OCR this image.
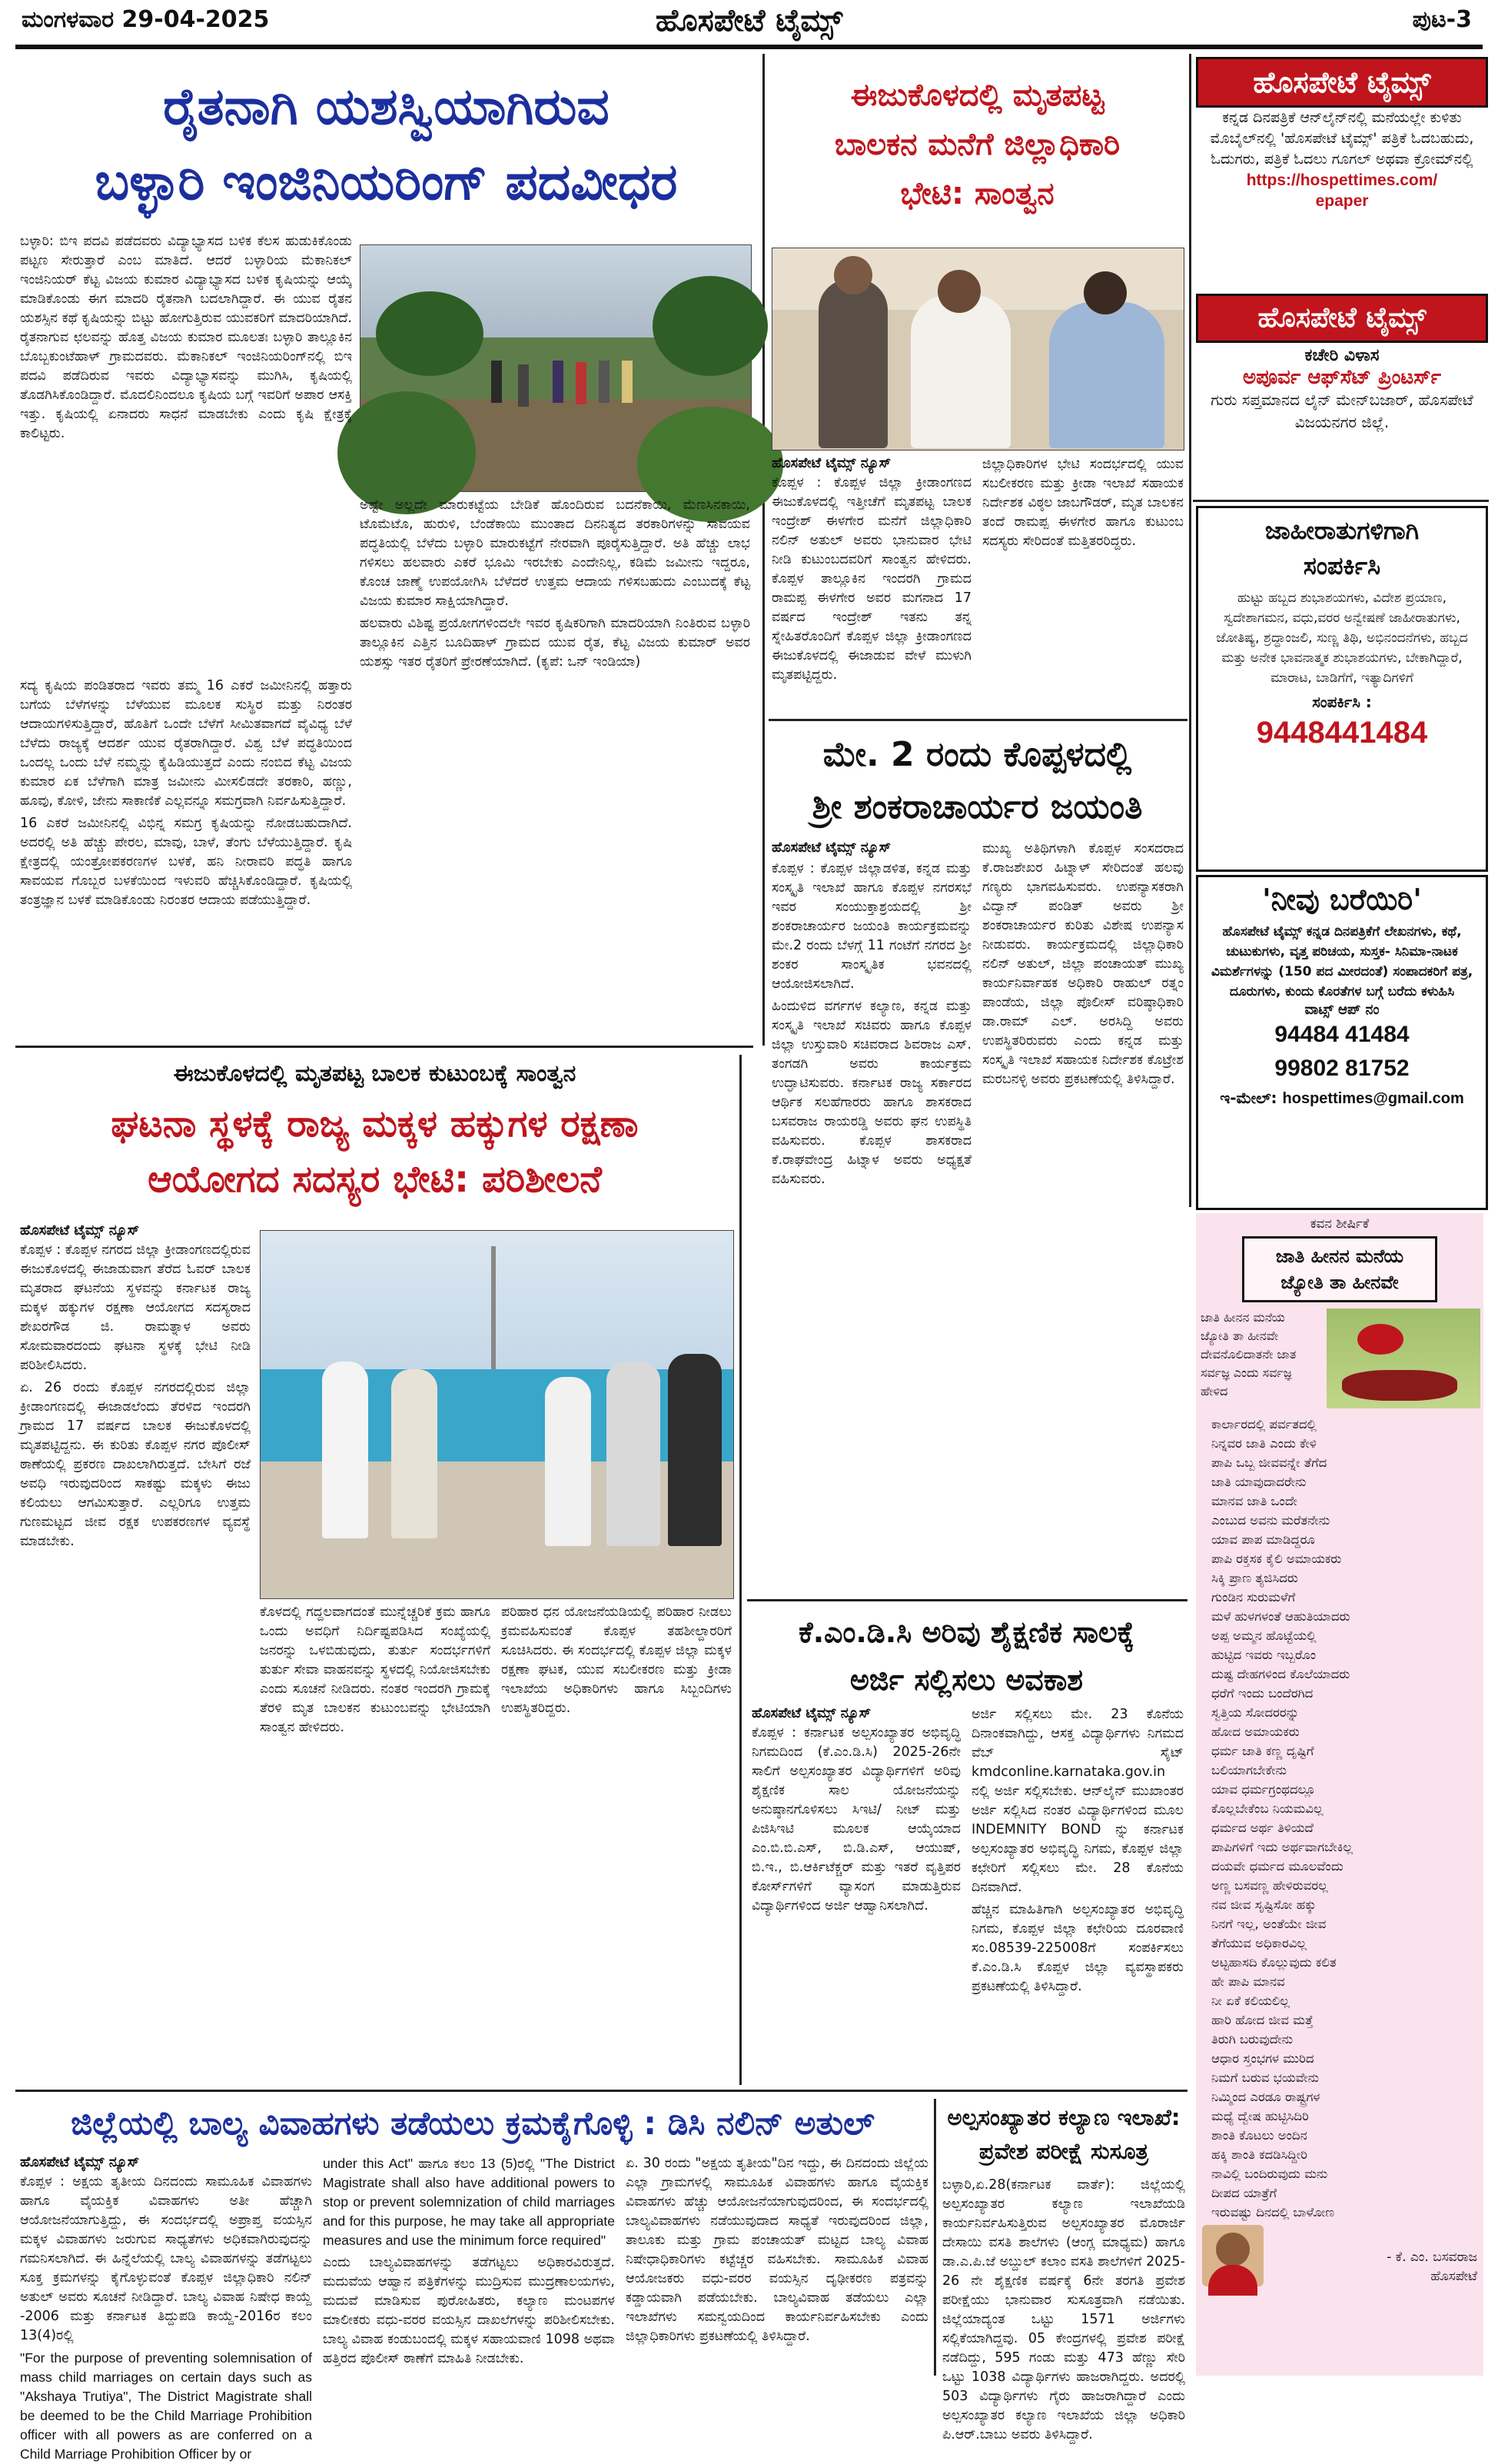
ಮಂಗಳವಾರ 29-04-2025	ಹೊಸಪೇಟೆ ಟೈಮ್ಸ್	ಪುಟ-3
ರೈತನಾಗಿ ಯಶಸ್ವಿಯಾಗಿರುವ
ಬಳ್ಳಾರಿ ಇಂಜಿನಿಯರಿಂಗ್ ಪದವೀಧರ

ಬಳ್ಳಾರಿ: ಬಿಇ ಪದವಿ ಪಡೆದವರು ವಿದ್ಯಾಭ್ಯಾಸದ ಬಳಿಕ ಕೆಲಸ ಹುಡುಕಿಕೊಂಡು ಪಟ್ಟಣ ಸೇರುತ್ತಾರೆ ಎಂಬ ಮಾತಿದೆ. ಆದರೆ ಬಳ್ಳಾರಿಯ ಮೆಕಾನಿಕಲ್ ಇಂಜಿನಿಯರ್ ಕೆಟ್ಟ ವಿಜಯ ಕುಮಾರ ವಿದ್ಯಾಭ್ಯಾಸದ ಬಳಿಕ ಕೃಷಿಯನ್ನು ಆಯ್ಕೆ ಮಾಡಿಕೊಂಡು ಈಗ ಮಾದರಿ ರೈತನಾಗಿ ಬದಲಾಗಿದ್ದಾರೆ. ಈ ಯುವ ರೈತನ ಯಶಸ್ಸಿನ ಕಥೆ ಕೃಷಿಯನ್ನು ಬಿಟ್ಟು ಹೋಗುತ್ತಿರುವ ಯುವಕರಿಗೆ ಮಾದರಿಯಾಗಿದೆ. ರೈತನಾಗುವ ಛಲವನ್ನು ಹೊತ್ತ ವಿಜಯ ಕುಮಾರ ಮೂಲತಃ ಬಳ್ಳಾರಿ ತಾಲ್ಲೂಕಿನ ಬೊಬ್ಬಕುಂಟೆಹಾಳ್ ಗ್ರಾಮದವರು. ಮೆಕಾನಿಕಲ್ ಇಂಜಿನಿಯರಿಂಗ್‌ನಲ್ಲಿ ಬಿಇ ಪದವಿ ಪಡೆದಿರುವ ಇವರು ವಿದ್ಯಾಭ್ಯಾಸವನ್ನು ಮುಗಿಸಿ, ಕೃಷಿಯಲ್ಲಿ ತೊಡಗಿಸಿಕೊಂಡಿದ್ದಾರೆ. ಮೊದಲಿನಿಂದಲೂ ಕೃಷಿಯ ಬಗ್ಗೆ ಇವರಿಗೆ ಅಪಾರ ಆಸಕ್ತಿ ಇತ್ತು. ಕೃಷಿಯಲ್ಲಿ ಏನಾದರು ಸಾಧನೆ ಮಾಡಬೇಕು ಎಂದು ಕೃಷಿ ಕ್ಷೇತ್ರಕ್ಕೆ ಕಾಲಿಟ್ಟರು.

ಸದ್ಯ ಕೃಷಿಯ ಪಂಡಿತರಾದ ಇವರು ತಮ್ಮ 16 ಎಕರೆ ಜಮೀನಿನಲ್ಲಿ ಹತ್ತಾರು ಬಗೆಯ ಬೆಳೆಗಳನ್ನು ಬೆಳೆಯುವ ಮೂಲಕ ಸುಸ್ಥಿರ ಮತ್ತು ನಿರಂತರ ಆದಾಯಗಳಿಸುತ್ತಿದ್ದಾರೆ, ಹೊತಿಗೆ ಒಂದೇ ಬೆಳೆಗೆ ಸೀಮಿತವಾಗದೆ ವೈವಿಧ್ಯ ಬೆಳೆ ಬೆಳೆದು ರಾಜ್ಯಕ್ಕೆ ಆದರ್ಶ ಯುವ ರೈತರಾಗಿದ್ದಾರೆ. ವಿಶ್ವ ಬೆಳೆ ಪದ್ಧತಿಯಿಂದ ಒಂದಲ್ಲ ಒಂದು ಬೆಳೆ ನಮ್ಮನ್ನು ಕೈಹಿಡಿಯುತ್ತದೆ ಎಂದು ನಂಬಿದ ಕೆಟ್ಟ ವಿಜಯ ಕುಮಾರ ಏಕ ಬೆಳೆಗಾಗಿ ಮಾತ್ರ ಜಮೀನು ಮೀಸಲಿಡದೇ ತರಕಾರಿ, ಹಣ್ಣು, ಹೂವು, ಕೋಳಿ, ಜೇನು ಸಾಕಾಣಿಕೆ ಎಲ್ಲವನ್ನೂ ಸಮಗ್ರವಾಗಿ ನಿರ್ವಹಿಸುತ್ತಿದ್ದಾರೆ.

16 ಎಕರೆ ಜಮೀನಿನಲ್ಲಿ ವಿಭಿನ್ನ ಸಮಗ್ರ ಕೃಷಿಯನ್ನು ನೋಡಬಹುದಾಗಿದೆ. ಅದರಲ್ಲಿ ಅತಿ ಹೆಚ್ಚು ಪೇರಲ, ಮಾವು, ಬಾಳೆ, ತೆಂಗು ಬೆಳೆಯುತ್ತಿದ್ದಾರೆ. ಕೃಷಿ ಕ್ಷೇತ್ರದಲ್ಲಿ ಯಂತ್ರೋಪಕರಣಗಳ ಬಳಕೆ, ಹನಿ ನೀರಾವರಿ ಪದ್ಧತಿ ಹಾಗೂ ಸಾವಯವ ಗೊಬ್ಬರ ಬಳಕೆಯಿಂದ ಇಳುವರಿ ಹೆಚ್ಚಿಸಿಕೊಂಡಿದ್ದಾರೆ. ಕೃಷಿಯಲ್ಲಿ ತಂತ್ರಜ್ಞಾನ ಬಳಕೆ ಮಾಡಿಕೊಂಡು ನಿರಂತರ ಆದಾಯ ಪಡೆಯುತ್ತಿದ್ದಾರೆ.

ಅಷ್ಟೇ ಅಲ್ಲದೇ ಮಾರುಕಟ್ಟೆಯ ಬೇಡಿಕೆ ಹೊಂದಿರುವ ಬದನೆಕಾಯಿ, ಮೆಣಸಿನಕಾಯಿ, ಟೊಮೆಟೊ, ಹುರುಳಿ, ಬೆಂಡೆಕಾಯಿ ಮುಂತಾದ ದಿನನಿತ್ಯದ ತರಕಾರಿಗಳನ್ನು ಸಾವಯವ ಪದ್ಧತಿಯಲ್ಲಿ ಬೆಳೆದು ಬಳ್ಳಾರಿ ಮಾರುಕಟ್ಟೆಗೆ ನೇರವಾಗಿ ಪೂರೈಸುತ್ತಿದ್ದಾರೆ. ಅತಿ ಹೆಚ್ಚು ಲಾಭ ಗಳಿಸಲು ಹಲವಾರು ಎಕರೆ ಭೂಮಿ ಇರಬೇಕು ಎಂದೇನಿಲ್ಲ, ಕಡಿಮೆ ಜಮೀನು ಇದ್ದರೂ, ಕೊಂಚ ಜಾಣ್ಮೆ ಉಪಯೋಗಿಸಿ ಬೆಳೆದರೆ ಉತ್ತಮ ಆದಾಯ ಗಳಿಸಬಹುದು ಎಂಬುದಕ್ಕೆ ಕೆಟ್ಟ ವಿಜಯ ಕುಮಾರ ಸಾಕ್ಷಿಯಾಗಿದ್ದಾರೆ.

ಹಲವಾರು ವಿಶಿಷ್ಟ ಪ್ರಯೋಗಗಳಿಂದಲೇ ಇವರ ಕೃಷಿಕರಿಗಾಗಿ ಮಾದರಿಯಾಗಿ ನಿಂತಿರುವ ಬಳ್ಳಾರಿ ತಾಲ್ಲೂಕಿನ ಎತ್ತಿನ ಬೂದಿಹಾಳ್ ಗ್ರಾಮದ ಯುವ ರೈತ, ಕೆಟ್ಟ ವಿಜಯ ಕುಮಾರ್ ಅವರ ಯಶಸ್ಸು ಇತರ ರೈತರಿಗೆ ಪ್ರೇರಣೆಯಾಗಿದೆ. (ಕೃಪೆ: ಒನ್ ಇಂಡಿಯಾ)

ಈಜುಕೊಳದಲ್ಲಿ ಮೃತಪಟ್ಟ
ಬಾಲಕನ ಮನೆಗೆ ಜಿಲ್ಲಾಧಿಕಾರಿ
ಭೇಟಿ: ಸಾಂತ್ವನ
ಹೊಸಪೇಟೆ ಟೈಮ್ಸ್ ನ್ಯೂಸ್

ಕೊಪ್ಪಳ : ಕೊಪ್ಪಳ ಜಿಲ್ಲಾ ಕ್ರೀಡಾಂಗಣದ ಈಜುಕೊಳದಲ್ಲಿ ಇತ್ತೀಚೆಗೆ ಮೃತಪಟ್ಟ ಬಾಲಕ ಇಂದ್ರೇಶ್ ಈಳಗೇರ ಮನೆಗೆ ಜಿಲ್ಲಾಧಿಕಾರಿ ನಲಿನ್ ಅತುಲ್ ಅವರು ಭಾನುವಾರ ಭೇಟಿ ನೀಡಿ ಕುಟುಂಬದವರಿಗೆ ಸಾಂತ್ವನ ಹೇಳಿದರು. ಕೊಪ್ಪಳ ತಾಲ್ಲೂಕಿನ ಇಂದರಗಿ ಗ್ರಾಮದ ರಾಮಪ್ಪ ಈಳಗೇರ ಅವರ ಮಗನಾದ 17 ವರ್ಷದ ಇಂದ್ರೇಶ್ ಇತನು ತನ್ನ ಸ್ನೇಹಿತರೊಂದಿಗೆ ಕೊಪ್ಪಳ ಜಿಲ್ಲಾ ಕ್ರೀಡಾಂಗಣದ ಈಜುಕೊಳದಲ್ಲಿ ಈಜಾಡುವ ವೇಳೆ ಮುಳುಗಿ ಮೃತಪಟ್ಟಿದ್ದರು.

ಜಿಲ್ಲಾಧಿಕಾರಿಗಳ ಭೇಟಿ ಸಂದರ್ಭದಲ್ಲಿ ಯುವ ಸಬಲೀಕರಣ ಮತ್ತು ಕ್ರೀಡಾ ಇಲಾಖೆ ಸಹಾಯಕ ನಿರ್ದೇಶಕ ವಿಠ್ಠಲ ಜಾಬಗೌಡರ್, ಮೃತ ಬಾಲಕನ ತಂದೆ ರಾಮಪ್ಪ ಈಳಗೇರ ಹಾಗೂ ಕುಟುಂಬ ಸದಸ್ಯರು ಸೇರಿದಂತೆ ಮತ್ತಿತರರಿದ್ದರು.

ಮೇ. 2 ರಂದು ಕೊಪ್ಪಳದಲ್ಲಿ
ಶ್ರೀ ಶಂಕರಾಚಾರ್ಯರ ಜಯಂತಿ
ಹೊಸಪೇಟೆ ಟೈಮ್ಸ್ ನ್ಯೂಸ್

ಕೊಪ್ಪಳ : ಕೊಪ್ಪಳ ಜಿಲ್ಲಾಡಳಿತ, ಕನ್ನಡ ಮತ್ತು ಸಂಸ್ಕೃತಿ ಇಲಾಖೆ ಹಾಗೂ ಕೊಪ್ಪಳ ನಗರಸಭೆ ಇವರ ಸಂಯುಕ್ತಾಶ್ರಯದಲ್ಲಿ ಶ್ರೀ ಶಂಕರಾಚಾರ್ಯರ ಜಯಂತಿ ಕಾರ್ಯಕ್ರಮವನ್ನು ಮೇ.2 ರಂದು ಬೆಳಗ್ಗೆ 11 ಗಂಟೆಗೆ ನಗರದ ಶ್ರೀ ಶಂಕರ ಸಾಂಸ್ಕೃತಿಕ ಭವನದಲ್ಲಿ ಆಯೋಜಿಸಲಾಗಿದೆ.

ಹಿಂದುಳಿದ ವರ್ಗಗಳ ಕಲ್ಯಾಣ, ಕನ್ನಡ ಮತ್ತು ಸಂಸ್ಕೃತಿ ಇಲಾಖೆ ಸಚಿವರು ಹಾಗೂ ಕೊಪ್ಪಳ ಜಿಲ್ಲಾ ಉಸ್ತುವಾರಿ ಸಚಿವರಾದ ಶಿವರಾಜ ಎಸ್. ತಂಗಡಗಿ ಅವರು ಕಾರ್ಯಕ್ರಮ ಉದ್ಘಾಟಿಸುವರು. ಕರ್ನಾಟಕ ರಾಜ್ಯ ಸರ್ಕಾರದ ಆರ್ಥಿಕ ಸಲಹೆಗಾರರು ಹಾಗೂ ಶಾಸಕರಾದ ಬಸವರಾಜ ರಾಯರಡ್ಡಿ ಅವರು ಘನ ಉಪಸ್ಥಿತಿ ವಹಿಸುವರು. ಕೊಪ್ಪಳ ಶಾಸಕರಾದ ಕೆ.ರಾಘವೇಂದ್ರ ಹಿಟ್ನಾಳ ಅವರು ಅಧ್ಯಕ್ಷತೆ ವಹಿಸುವರು.

ಮುಖ್ಯ ಅತಿಥಿಗಳಾಗಿ ಕೊಪ್ಪಳ ಸಂಸದರಾದ ಕೆ.ರಾಜಶೇಖರ ಹಿಟ್ನಾಳ್ ಸೇರಿದಂತೆ ಹಲವು ಗಣ್ಯರು ಭಾಗವಹಿಸುವರು. ಉಪನ್ಯಾಸಕರಾಗಿ ವಿದ್ವಾನ್ ಪಂಡಿತ್ ಅವರು ಶ್ರೀ ಶಂಕರಾಚಾರ್ಯರ ಕುರಿತು ವಿಶೇಷ ಉಪನ್ಯಾಸ ನೀಡುವರು. ಕಾರ್ಯಕ್ರಮದಲ್ಲಿ ಜಿಲ್ಲಾಧಿಕಾರಿ ನಲಿನ್ ಅತುಲ್, ಜಿಲ್ಲಾ ಪಂಚಾಯತ್ ಮುಖ್ಯ ಕಾರ್ಯನಿರ್ವಾಹಕ ಅಧಿಕಾರಿ ರಾಹುಲ್ ರತ್ನಂ ಪಾಂಡೆಯ, ಜಿಲ್ಲಾ ಪೊಲೀಸ್ ವರಿಷ್ಠಾಧಿಕಾರಿ ಡಾ.ರಾಮ್ ಎಲ್. ಅರಸಿದ್ದಿ ಅವರು ಉಪಸ್ಥಿತರಿರುವರು ಎಂದು ಕನ್ನಡ ಮತ್ತು ಸಂಸ್ಕೃತಿ ಇಲಾಖೆ ಸಹಾಯಕ ನಿರ್ದೇಶಕ ಕೊಟ್ರೇಶ ಮರಬನಳ್ಳಿ ಅವರು ಪ್ರಕಟಣೆಯಲ್ಲಿ ತಿಳಿಸಿದ್ದಾರೆ.

ಈಜುಕೊಳದಲ್ಲಿ ಮೃತಪಟ್ಟ ಬಾಲಕ ಕುಟುಂಬಕ್ಕೆ ಸಾಂತ್ವನ
ಘಟನಾ ಸ್ಥಳಕ್ಕೆ ರಾಜ್ಯ ಮಕ್ಕಳ ಹಕ್ಕುಗಳ ರಕ್ಷಣಾ
ಆಯೋಗದ ಸದಸ್ಯರ ಭೇಟಿ: ಪರಿಶೀಲನೆ
ಹೊಸಪೇಟೆ ಟೈಮ್ಸ್ ನ್ಯೂಸ್

ಕೊಪ್ಪಳ : ಕೊಪ್ಪಳ ನಗರದ ಜಿಲ್ಲಾ ಕ್ರೀಡಾಂಗಣದಲ್ಲಿರುವ ಈಜುಕೊಳದಲ್ಲಿ ಈಜಾಡುವಾಗ ತೆರೆದ ಓವರ್ ಬಾಲಕ ಮೃತರಾದ ಘಟನೆಯ ಸ್ಥಳವನ್ನು ಕರ್ನಾಟಕ ರಾಜ್ಯ ಮಕ್ಕಳ ಹಕ್ಕುಗಳ ರಕ್ಷಣಾ ಆಯೋಗದ ಸದಸ್ಯರಾದ ಶೇಖರಗೌಡ ಜಿ. ರಾಮತ್ನಾಳ ಅವರು ಸೋಮವಾರದಂದು ಘಟನಾ ಸ್ಥಳಕ್ಕೆ ಭೇಟಿ ನೀಡಿ ಪರಿಶೀಲಿಸಿದರು.

ಏ. 26 ರಂದು ಕೊಪ್ಪಳ ನಗರದಲ್ಲಿರುವ ಜಿಲ್ಲಾ ಕ್ರೀಡಾಂಗಣದಲ್ಲಿ ಈಜಾಡಲೆಂದು ತೆರಳಿದ ಇಂದರಗಿ ಗ್ರಾಮದ 17 ವರ್ಷದ ಬಾಲಕ ಈಜುಕೊಳದಲ್ಲಿ ಮೃತಪಟ್ಟಿದ್ದನು. ಈ ಕುರಿತು ಕೊಪ್ಪಳ ನಗರ ಪೊಲೀಸ್ ಠಾಣೆಯಲ್ಲಿ ಪ್ರಕರಣ ದಾಖಲಾಗಿರುತ್ತದೆ. ಬೇಸಿಗೆ ರಜೆ ಅವಧಿ ಇರುವುದರಿಂದ ಸಾಕಷ್ಟು ಮಕ್ಕಳು ಈಜು ಕಲಿಯಲು ಆಗಮಿಸುತ್ತಾರೆ. ಎಲ್ಲರಿಗೂ ಉತ್ತಮ ಗುಣಮಟ್ಟದ ಜೀವ ರಕ್ಷಕ ಉಪಕರಣಗಳ ವ್ಯವಸ್ಥೆ ಮಾಡಬೇಕು.

ಕೊಳದಲ್ಲಿ ಗದ್ದಲವಾಗದಂತೆ ಮುನ್ನೆಚ್ಚರಿಕೆ ಕ್ರಮ ಹಾಗೂ ಒಂದು ಅವಧಿಗೆ ನಿರ್ದಿಷ್ಟಪಡಿಸಿದ ಸಂಖ್ಯೆಯಲ್ಲಿ ಜನರನ್ನು ಒಳಬಿಡುವುದು, ತುರ್ತು ಸಂದರ್ಭಗಳಿಗೆ ತುರ್ತು ಸೇವಾ ವಾಹನವನ್ನು ಸ್ಥಳದಲ್ಲಿ ನಿಯೋಜಿಸಬೇಕು ಎಂದು ಸೂಚನೆ ನೀಡಿದರು. ನಂತರ ಇಂದರಗಿ ಗ್ರಾಮಕ್ಕೆ ತೆರಳಿ ಮೃತ ಬಾಲಕನ ಕುಟುಂಬವನ್ನು ಭೇಟಿಯಾಗಿ ಸಾಂತ್ವನ ಹೇಳಿದರು.

ಪರಿಹಾರ ಧನ ಯೋಜನೆಯಡಿಯಲ್ಲಿ ಪರಿಹಾರ ನೀಡಲು ಕ್ರಮವಹಿಸುವಂತೆ ಕೊಪ್ಪಳ ತಹಶೀಲ್ದಾರರಿಗೆ ಸೂಚಿಸಿದರು. ಈ ಸಂದರ್ಭದಲ್ಲಿ ಕೊಪ್ಪಳ ಜಿಲ್ಲಾ ಮಕ್ಕಳ ರಕ್ಷಣಾ ಘಟಕ, ಯುವ ಸಬಲೀಕರಣ ಮತ್ತು ಕ್ರೀಡಾ ಇಲಾಖೆಯ ಅಧಿಕಾರಿಗಳು ಹಾಗೂ ಸಿಬ್ಬಂದಿಗಳು ಉಪಸ್ಥಿತರಿದ್ದರು.

ಕೆ.ಎಂ.ಡಿ.ಸಿ ಅರಿವು ಶೈಕ್ಷಣಿಕ ಸಾಲಕ್ಕೆ
ಅರ್ಜಿ ಸಲ್ಲಿಸಲು ಅವಕಾಶ
ಹೊಸಪೇಟೆ ಟೈಮ್ಸ್ ನ್ಯೂಸ್

ಕೊಪ್ಪಳ : ಕರ್ನಾಟಕ ಅಲ್ಪಸಂಖ್ಯಾತರ ಅಭಿವೃದ್ಧಿ ನಿಗಮದಿಂದ (ಕೆ.ಎಂ.ಡಿ.ಸಿ) 2025-26ನೇ ಸಾಲಿಗೆ ಅಲ್ಪಸಂಖ್ಯಾತರ ವಿದ್ಯಾರ್ಥಿಗಳಿಗೆ ಅರಿವು ಶೈಕ್ಷಣಿಕ ಸಾಲ ಯೋಜನೆಯನ್ನು ಅನುಷ್ಠಾನಗೊಳಿಸಲು ಸಿಇಟಿ/ ನೀಟ್ ಮತ್ತು ಪಿಜಿಸಿಇಟಿ ಮೂಲಕ ಆಯ್ಕೆಯಾದ ಎಂ.ಬಿ.ಬಿ.ಎಸ್, ಬಿ.ಡಿ.ಎಸ್, ಆಯುಷ್, ಬಿ.ಇ., ಬಿ.ಆರ್ಕಿಟೆಕ್ಚರ್ ಮತ್ತು ಇತರೆ ವೃತ್ತಿಪರ ಕೋರ್ಸ್‌ಗಳಿಗೆ ವ್ಯಾಸಂಗ ಮಾಡುತ್ತಿರುವ ವಿದ್ಯಾರ್ಥಿಗಳಿಂದ ಅರ್ಜಿ ಆಹ್ವಾನಿಸಲಾಗಿದೆ.

ಅರ್ಜಿ ಸಲ್ಲಿಸಲು ಮೇ. 23 ಕೊನೆಯ ದಿನಾಂಕವಾಗಿದ್ದು, ಆಸಕ್ತ ವಿದ್ಯಾರ್ಥಿಗಳು ನಿಗಮದ ವೆಬ್ ಸೈಟ್ kmdconline.karnataka.gov.in ನಲ್ಲಿ ಅರ್ಜಿ ಸಲ್ಲಿಸಬೇಕು. ಆನ್‌ಲೈನ್ ಮುಖಾಂತರ ಅರ್ಜಿ ಸಲ್ಲಿಸಿದ ನಂತರ ವಿದ್ಯಾರ್ಥಿಗಳಿಂದ ಮೂಲ INDEMNITY BOND ನ್ನು ಕರ್ನಾಟಕ ಅಲ್ಪಸಂಖ್ಯಾತರ ಅಭಿವೃದ್ಧಿ ನಿಗಮ, ಕೊಪ್ಪಳ ಜಿಲ್ಲಾ ಕಛೇರಿಗೆ ಸಲ್ಲಿಸಲು ಮೇ. 28 ಕೊನೆಯ ದಿನವಾಗಿದೆ.

ಹೆಚ್ಚಿನ ಮಾಹಿತಿಗಾಗಿ ಅಲ್ಪಸಂಖ್ಯಾತರ ಅಭಿವೃದ್ಧಿ ನಿಗಮ, ಕೊಪ್ಪಳ ಜಿಲ್ಲಾ ಕಛೇರಿಯ ದೂರವಾಣಿ ಸಂ.08539-225008ಗೆ ಸಂಪರ್ಕಿಸಲು ಕೆ.ಎಂ.ಡಿ.ಸಿ ಕೊಪ್ಪಳ ಜಿಲ್ಲಾ ವ್ಯವಸ್ಥಾಪಕರು ಪ್ರಕಟಣೆಯಲ್ಲಿ ತಿಳಿಸಿದ್ದಾರೆ.

ಜಿಲ್ಲೆಯಲ್ಲಿ ಬಾಲ್ಯ ವಿವಾಹಗಳು ತಡೆಯಲು ಕ್ರಮಕೈಗೊಳ್ಳಿ : ಡಿಸಿ ನಲಿನ್ ಅತುಲ್
ಹೊಸಪೇಟೆ ಟೈಮ್ಸ್ ನ್ಯೂಸ್

ಕೊಪ್ಪಳ : ಅಕ್ಷಯ ತೃತೀಯ ದಿನದಂದು ಸಾಮೂಹಿಕ ವಿವಾಹಗಳು ಹಾಗೂ ವೈಯಕ್ತಿಕ ವಿವಾಹಗಳು ಅತೀ ಹೆಚ್ಚಾಗಿ ಆಯೋಜನೆಯಾಗುತ್ತಿದ್ದು, ಈ ಸಂದರ್ಭದಲ್ಲಿ ಅಪ್ರಾಪ್ತ ವಯಸ್ಸಿನ ಮಕ್ಕಳ ವಿವಾಹಗಳು ಜರುಗುವ ಸಾಧ್ಯತೆಗಳು ಅಧಿಕವಾಗಿರುವುದನ್ನು ಗಮನಿಸಲಾಗಿದೆ. ಈ ಹಿನ್ನೆಲೆಯಲ್ಲಿ ಬಾಲ್ಯ ವಿವಾಹಗಳನ್ನು ತಡೆಗಟ್ಟಲು ಸೂಕ್ತ ಕ್ರಮಗಳನ್ನು ಕೈಗೊಳ್ಳುವಂತೆ ಕೊಪ್ಪಳ ಜಿಲ್ಲಾಧಿಕಾರಿ ನಲಿನ್ ಅತುಲ್ ಅವರು ಸೂಚನೆ ನೀಡಿದ್ದಾರೆ. ಬಾಲ್ಯ ವಿವಾಹ ನಿಷೇಧ ಕಾಯ್ದೆ -2006 ಮತ್ತು ಕರ್ನಾಟಕ ತಿದ್ದುಪಡಿ ಕಾಯ್ದೆ-2016ರ ಕಲಂ 13(4)ರಲ್ಲಿ

"For the purpose of preventing solemnisation of mass child marriages on certain days such as "Akshaya Trutiya", The District Magistrate shall be deemed to be the Child Marriage Prohibition officer with all powers as are conferred on a Child Marriage Prohibition Officer by or

under this Act" ಹಾಗೂ ಕಲಂ 13 (5)ರಲ್ಲಿ "The District Magistrate shall also have additional powers to stop or prevent solemnization of child marriages and for this purpose, he may take all appropriate measures and use the minimum force required"

ಎಂದು ಬಾಲ್ಯವಿವಾಹಗಳನ್ನು ತಡೆಗಟ್ಟಲು ಅಧಿಕಾರವಿರುತ್ತದೆ. ಮದುವೆಯ ಆಹ್ವಾನ ಪತ್ರಿಕೆಗಳನ್ನು ಮುದ್ರಿಸುವ ಮುದ್ರಣಾಲಯಗಳು, ಮದುವೆ ಮಾಡಿಸುವ ಪುರೋಹಿತರು, ಕಲ್ಯಾಣ ಮಂಟಪಗಳ ಮಾಲೀಕರು ವಧು-ವರರ ವಯಸ್ಸಿನ ದಾಖಲೆಗಳನ್ನು ಪರಿಶೀಲಿಸಬೇಕು. ಬಾಲ್ಯ ವಿವಾಹ ಕಂಡುಬಂದಲ್ಲಿ ಮಕ್ಕಳ ಸಹಾಯವಾಣಿ 1098 ಅಥವಾ ಹತ್ತಿರದ ಪೊಲೀಸ್ ಠಾಣೆಗೆ ಮಾಹಿತಿ ನೀಡಬೇಕು.

ಏ. 30 ರಂದು "ಅಕ್ಷಯ ತೃತೀಯ"ದಿನ ಇದ್ದು, ಈ ದಿನದಂದು ಜಿಲ್ಲೆಯ ಎಲ್ಲಾ ಗ್ರಾಮಗಳಲ್ಲಿ ಸಾಮೂಹಿಕ ವಿವಾಹಗಳು ಹಾಗೂ ವೈಯಕ್ತಿಕ ವಿವಾಹಗಳು ಹೆಚ್ಚು ಆಯೋಜನೆಯಾಗುವುದರಿಂದ, ಈ ಸಂದರ್ಭದಲ್ಲಿ ಬಾಲ್ಯವಿವಾಹಗಳು ನಡೆಯುವುದಾದ ಸಾಧ್ಯತೆ ಇರುವುದರಿಂದ ಜಿಲ್ಲಾ, ತಾಲೂಕು ಮತ್ತು ಗ್ರಾಮ ಪಂಚಾಯತ್ ಮಟ್ಟದ ಬಾಲ್ಯ ವಿವಾಹ ನಿಷೇಧಾಧಿಕಾರಿಗಳು ಕಟ್ಟೆಚ್ಚರ ವಹಿಸಬೇಕು. ಸಾಮೂಹಿಕ ವಿವಾಹ ಆಯೋಜಕರು ವಧು-ವರರ ವಯಸ್ಸಿನ ದೃಢೀಕರಣ ಪತ್ರವನ್ನು ಕಡ್ಡಾಯವಾಗಿ ಪಡೆಯಬೇಕು. ಬಾಲ್ಯವಿವಾಹ ತಡೆಯಲು ಎಲ್ಲಾ ಇಲಾಖೆಗಳು ಸಮನ್ವಯದಿಂದ ಕಾರ್ಯನಿರ್ವಹಿಸಬೇಕು ಎಂದು ಜಿಲ್ಲಾಧಿಕಾರಿಗಳು ಪ್ರಕಟಣೆಯಲ್ಲಿ ತಿಳಿಸಿದ್ದಾರೆ.

ಅಲ್ಪಸಂಖ್ಯಾತರ ಕಲ್ಯಾಣ ಇಲಾಖೆ:
ಪ್ರವೇಶ ಪರೀಕ್ಷೆ ಸುಸೂತ್ರ

ಬಳ್ಳಾರಿ,ಏ.28(ಕರ್ನಾಟಕ ವಾರ್ತೆ): ಜಿಲ್ಲೆಯಲ್ಲಿ ಅಲ್ಪಸಂಖ್ಯಾತರ ಕಲ್ಯಾಣ ಇಲಾಖೆಯಡಿ ಕಾರ್ಯನಿರ್ವಹಿಸುತ್ತಿರುವ ಅಲ್ಪಸಂಖ್ಯಾತರ ಮೊರಾರ್ಜಿ ದೇಸಾಯಿ ವಸತಿ ಶಾಲೆಗಳು (ಆಂಗ್ಲ ಮಾಧ್ಯಮ) ಹಾಗೂ ಡಾ.ಎ.ಪಿ.ಜೆ ಅಬ್ದುಲ್ ಕಲಾಂ ವಸತಿ ಶಾಲೆಗಳಿಗೆ 2025-26 ನೇ ಶೈಕ್ಷಣಿಕ ವರ್ಷಕ್ಕೆ 6ನೇ ತರಗತಿ ಪ್ರವೇಶ ಪರೀಕ್ಷೆಯು ಭಾನುವಾರ ಸುಸೂತ್ರವಾಗಿ ನಡೆಯಿತು. ಜಿಲ್ಲೆಯಾದ್ಯಂತ ಒಟ್ಟು 1571 ಅರ್ಜಿಗಳು ಸಲ್ಲಿಕೆಯಾಗಿದ್ದವು. 05 ಕೇಂದ್ರಗಳಲ್ಲಿ ಪ್ರವೇಶ ಪರೀಕ್ಷೆ ನಡೆದಿದ್ದು, 595 ಗಂಡು ಮತ್ತು 473 ಹೆಣ್ಣು ಸೇರಿ ಒಟ್ಟು 1038 ವಿದ್ಯಾರ್ಥಿಗಳು ಹಾಜರಾಗಿದ್ದರು. ಅದರಲ್ಲಿ 503 ವಿದ್ಯಾರ್ಥಿಗಳು ಗೈರು ಹಾಜರಾಗಿದ್ದಾರೆ ಎಂದು ಅಲ್ಪಸಂಖ್ಯಾತರ ಕಲ್ಯಾಣ ಇಲಾಖೆಯ ಜಿಲ್ಲಾ ಅಧಿಕಾರಿ ಪಿ.ಆರ್.ಬಾಬು ಅವರು ತಿಳಿಸಿದ್ದಾರೆ.

ಹೊಸಪೇಟೆ ಟೈಮ್ಸ್
ಕನ್ನಡ ದಿನಪತ್ರಿಕೆ ಆನ್‌ಲೈನ್‌ನಲ್ಲಿ ಮನೆಯಲ್ಲೇ ಕುಳಿತು ಮೊಬೈಲ್‌ನಲ್ಲಿ 'ಹೊಸಪೇಟೆ ಟೈಮ್ಸ್' ಪತ್ರಿಕೆ ಓದಬಹುದು, ಓದುಗರು, ಪತ್ರಿಕೆ ಓದಲು ಗೂಗಲ್ ಅಥವಾ ಕ್ರೋಮ್‌ನಲ್ಲಿ
https://hospettimes.com/
epaper
ಹೊಸಪೇಟೆ ಟೈಮ್ಸ್
ಕಚೇರಿ ವಿಳಾಸ
ಅಪೂರ್ವ ಆಫ್‌ಸೆಟ್ ಪ್ರಿಂಟರ್ಸ್
ಗುರು ಸಪ್ತಮಾನದ ಲೈನ್ ಮೇನ್‌ಬಜಾರ್, ಹೊಸಪೇಟೆ ವಿಜಯನಗರ ಜಿಲ್ಲೆ.
ಜಾಹೀರಾತುಗಳಿಗಾಗಿ
ಸಂಪರ್ಕಿಸಿ
ಹುಟ್ಟು ಹಬ್ಬದ ಶುಭಾಶಯಗಳು, ವಿದೇಶ ಪ್ರಯಾಣ, ಸ್ವದೇಶಾಗಮನ, ವಧು,ವರರ ಅನ್ವೇಷಣೆ ಜಾಹೀರಾತುಗಳು, ಜೋತಿಷ್ಯ, ಶ್ರದ್ಧಾಂಜಲಿ, ಸುಣ್ಣ ತಿಥಿ, ಅಭಿನಂದನೆಗಳು, ಹಬ್ಬದ ಮತ್ತು ಅನೇಕ ಭಾವನಾತ್ಮಕ ಶುಭಾಶಯಗಳು, ಬೇಕಾಗಿದ್ದಾರೆ, ಮಾರಾಟ, ಬಾಡಿಗೆಗೆ, ಇತ್ಯಾದಿಗಳಿಗೆ
ಸಂಪರ್ಕಿಸಿ :
9448441484
'ನೀವು ಬರೆಯಿರಿ'
ಹೊಸಪೇಟೆ ಟೈಮ್ಸ್ ಕನ್ನಡ ದಿನಪತ್ರಿಕೆಗೆ ಲೇಖನಗಳು, ಕಥೆ, ಚುಟುಕುಗಳು, ವೃತ್ತ ಪರಿಚಯ, ಸುಸ್ತಕ- ಸಿನಿಮಾ-ನಾಟಕ ವಿಮರ್ಶೆಗಳನ್ನು (150 ಪದ ಮೀರದಂತೆ) ಸಂಪಾದಕರಿಗೆ ಪತ್ರ, ದೂರುಗಳು, ಕುಂದು ಕೊರತೆಗಳ ಬಗ್ಗೆ ಬರೆದು ಕಳುಹಿಸಿ
ವಾಟ್ಸ್ ಆಪ್ ನಂ
94484 41484
99802 81752
ಇ-ಮೇಲ್: hospettimes@gmail.com
ಕವನ ಶೀರ್ಷಿಕೆ
ಜಾತಿ ಹೀನನ ಮನೆಯ
ಜ್ಯೋತಿ ತಾ ಹೀನವೇ
ಜಾತಿ ಹೀನನ ಮನೆಯ ಜ್ಯೋತಿ ತಾ ಹೀನವೇ ದೇವನೊಲಿದಾತನೇ ಜಾತ ಸರ್ವಜ್ಞ ಎಂದು ಸರ್ವಜ್ಞ ಹೇಳಿದ
ಕಾರ್ಲಾರದಲ್ಲಿ ಪರ್ವತದಲ್ಲಿ
ನಿನ್ನವರ ಜಾತಿ ಎಂದು ಕೇಳಿ
ಪಾಪಿ ಒಬ್ಬ ಜೀವವನ್ನೇ ತೆಗೆದ
ಜಾತಿ ಯಾವುದಾದರೇನು
ಮಾನವ ಜಾತಿ ಒಂದೇ
ಎಂಬುದ ಅವನು ಮರೆತನೇನು
ಯಾವ ಪಾಪ ಮಾಡಿದ್ದರೂ
ಪಾಪಿ ರಕ್ತಸಕ ಕೈಲಿ ಅಮಾಯಕರು
ಸಿಕ್ಕಿ ಪ್ರಾಣ ತ್ಯಜಿಸಿದರು
ಗುಂಡಿನ ಸುರುಮಳೆಗೆ
ಮಳೆ ಹುಳಗಳಂತೆ ಆಹುತಿಯಾದರು
ಅಪ್ಪ ಅಮ್ಮನ ಹೊಟ್ಟೆಯಲ್ಲಿ
ಹುಟ್ಟಿದ ಇವರು ಇಬ್ಬರೊಂ
ದುಷ್ಟ ದೇಹಗಳಿಂದ ಕೊಲೆಯಾದರು
ಧರೆಗೆ ಇಂದು ಬಂದೆರಗಿದ
ಸ್ವತ್ತಿಯ ಸೋದರರನ್ನು
ಹೋದ ಅಮಾಯಕರು
ಧರ್ಮ ಜಾತಿ ಕಣ್ಣ ದೃಷ್ಟಿಗೆ
ಬಲಿಯಾಗಬೇಕೇನು
ಯಾವ ಧರ್ಮಗ್ರಂಥದಲ್ಲೂ
ಕೊಲ್ಲಬೇಕೆಂಬ ನಿಯಮವಿಲ್ಲ
ಧರ್ಮದ ಅರ್ಥ ತಿಳಿಯದೆ
ಪಾಪಿಗಳಿಗೆ ಇದು ಅರ್ಥವಾಗಬೇಕಿಲ್ಲ
ದಯವೇ ಧರ್ಮದ ಮೂಲವೆಂದು
ಅಣ್ಣ ಬಸವಣ್ಣ ಹೇಳಿರುವರಲ್ಲ
ನವ ಜೀವ ಸೃಷ್ಟಿಸೋ ಹಕ್ಕು
ನಿನಗೆ ಇಲ್ಲ, ಅಂತೆಯೇ ಜೀವ
ತೆಗೆಯುವ ಅಧಿಕಾರವಿಲ್ಲ
ಅಟ್ಟಹಾಸದಿ ಕೊಲ್ಲುವುದು ಕಲಿತ
ಹೇ ಪಾಪಿ ಮಾನವ
ನೀ ಏಕೆ ಕಲಿಯಲಿಲ್ಲ
ಹಾರಿ ಹೋದ ಜೀವ ಮತ್ತೆ
ತಿರುಗಿ ಬರುವುದೇನು
ಆಧಾರ ಸ್ತಂಭಗಳ ಮುರಿದ
ನಿಮಗೆ ಬರುವ ಭಯವೇನು
ನಿಮ್ಮಿಂದ ಎರಡೂ ರಾಷ್ಟ್ರಗಳ
ಮಧ್ಯೆ ದ್ವೇಷ ಹುಟ್ಟಿಸಿದಿರಿ
ಶಾಂತಿ ಕೊಟಲು ಅಂದಿನ
ಹಕ್ಕಿ ಶಾಂತಿ ಕದಡಿಸಿದ್ದೀರಿ
ನಾವಿಲ್ಲಿ ಬಂದಿರುವುದು ಮನು
ದೀಪದ ಯಾತ್ರೆಗೆ
ಇರುವಷ್ಟು ದಿನದಲ್ಲಿ ಬಾಳೋಣ
- ಕೆ. ಎಂ. ಬಸವರಾಜ
ಹೊಸಪೇಟೆ
